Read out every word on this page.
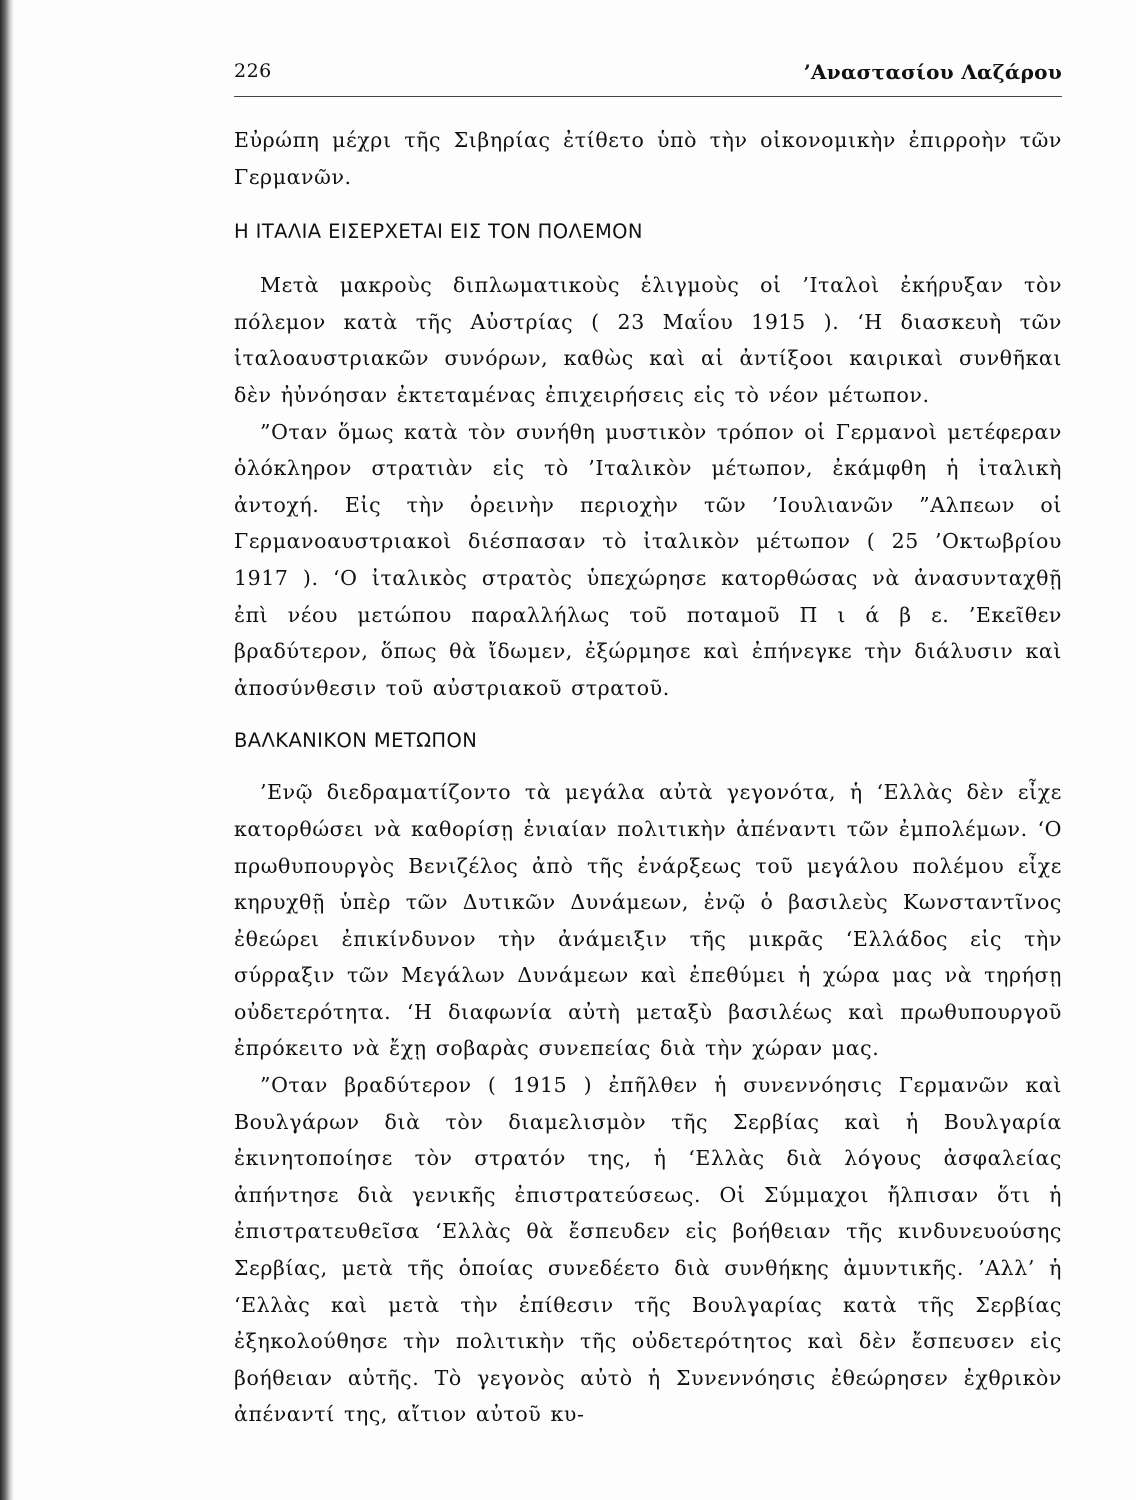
226	’Αναστασίου Λαζάρου

Εὐρώπη μέχρι τῆς Σιβηρίας ἐτίθετο ὑπὸ τὴν οἰκονομικὴν ἐπιρροὴν τῶν Γερμανῶν.

Η ΙΤΑΛΙΑ ΕΙΣΕΡΧΕΤΑΙ ΕΙΣ ΤΟΝ ΠΟΛΕΜΟΝ

Μετὰ μακροὺς διπλωματικοὺς ἑλιγμοὺς οἱ ’Ιταλοὶ ἐκήρυξαν τὸν πόλεμον κατὰ τῆς Αὐστρίας ( 23 Μαΐου 1915 ). ‘Η διασκευὴ τῶν ἰταλοαυστριακῶν συνόρων, καθὼς καὶ αἱ ἀντίξοοι καιρικαὶ συνθῆκαι δὲν ἠὐνόησαν ἐκτεταμένας ἐπιχειρήσεις εἰς τὸ νέον μέτωπον.

”Οταν ὅμως κατὰ τὸν συνήθη μυστικὸν τρόπον οἱ Γερμανοὶ μετέφεραν ὁλόκληρον στρατιὰν εἰς τὸ ’Ιταλικὸν μέτωπον, ἐκάμφθη ἡ ἰταλικὴ ἀντοχή. Εἰς τὴν ὀρεινὴν περιοχὴν τῶν ’Ιουλιανῶν ”Αλπεων οἱ Γερμανοαυστριακοὶ διέσπασαν τὸ ἰταλικὸν μέτωπον ( 25 ’Οκτωβρίου 1917 ). ‘Ο ἰταλικὸς στρατὸς ὑπεχώρησε κατορθώσας νὰ ἀνασυνταχθῇ ἐπὶ νέου μετώπου παραλλήλως τοῦ ποταμοῦ Π ι ά β ε. ’Εκεῖθεν βραδύτερον, ὅπως θὰ ἴδωμεν, ἐξώρμησε καὶ ἐπήνεγκε τὴν διάλυσιν καὶ ἀποσύνθεσιν τοῦ αὐστριακοῦ στρατοῦ.

ΒΑΛΚΑΝΙΚΟΝ ΜΕΤΩΠΟΝ

’Ενῷ διεδραματίζοντο τὰ μεγάλα αὐτὰ γεγονότα, ἡ ‘Ελλὰς δὲν εἶχε κατορθώσει νὰ καθορίσῃ ἑνιαίαν πολιτικὴν ἀπέναντι τῶν ἐμπολέμων. ‘Ο πρωθυπουργὸς Βενιζέλος ἀπὸ τῆς ἐνάρξεως τοῦ μεγάλου πολέμου εἶχε κηρυχθῇ ὑπὲρ τῶν Δυτικῶν Δυνάμεων, ἐνῷ ὁ βασιλεὺς Κωνσταντῖνος ἐθεώρει ἐπικίνδυνον τὴν ἀνάμειξιν τῆς μικρᾶς ‘Ελλάδος εἰς τὴν σύρραξιν τῶν Μεγάλων Δυνάμεων καὶ ἐπεθύμει ἡ χώρα μας νὰ τηρήσῃ οὐδετερότητα. ‘Η διαφωνία αὐτὴ μεταξὺ βασιλέως καὶ πρωθυπουργοῦ ἐπρόκειτο νὰ ἔχῃ σοβαρὰς συνεπείας διὰ τὴν χώραν μας.

”Οταν βραδύτερον ( 1915 ) ἐπῆλθεν ἡ συνεννόησις Γερμανῶν καὶ Βουλγάρων διὰ τὸν διαμελισμὸν τῆς Σερβίας καὶ ἡ Βουλγαρία ἐκινητοποίησε τὸν στρατόν της, ἡ ‘Ελλὰς διὰ λόγους ἀσφαλείας ἀπήντησε διὰ γενικῆς ἐπιστρατεύσεως. Οἱ Σύμμαχοι ἤλπισαν ὅτι ἡ ἐπιστρατευθεῖσα ‘Ελλὰς θὰ ἔσπευδεν εἰς βοήθειαν τῆς κινδυνευούσης Σερβίας, μετὰ τῆς ὁποίας συνεδέετο διὰ συνθήκης ἀμυντικῆς. ’Αλλ’ ἡ ‘Ελλὰς καὶ μετὰ τὴν ἐπίθεσιν τῆς Βουλγαρίας κατὰ τῆς Σερβίας ἐξηκολούθησε τὴν πολιτικὴν τῆς οὐδετερότητος καὶ δὲν ἔσπευσεν εἰς βοήθειαν αὐτῆς. Τὸ γεγονὸς αὐτὸ ἡ Συνεννόησις ἐθεώρησεν ἐχθρικὸν ἀπέναντί της, αἴτιον αὐτοῦ κυ-
